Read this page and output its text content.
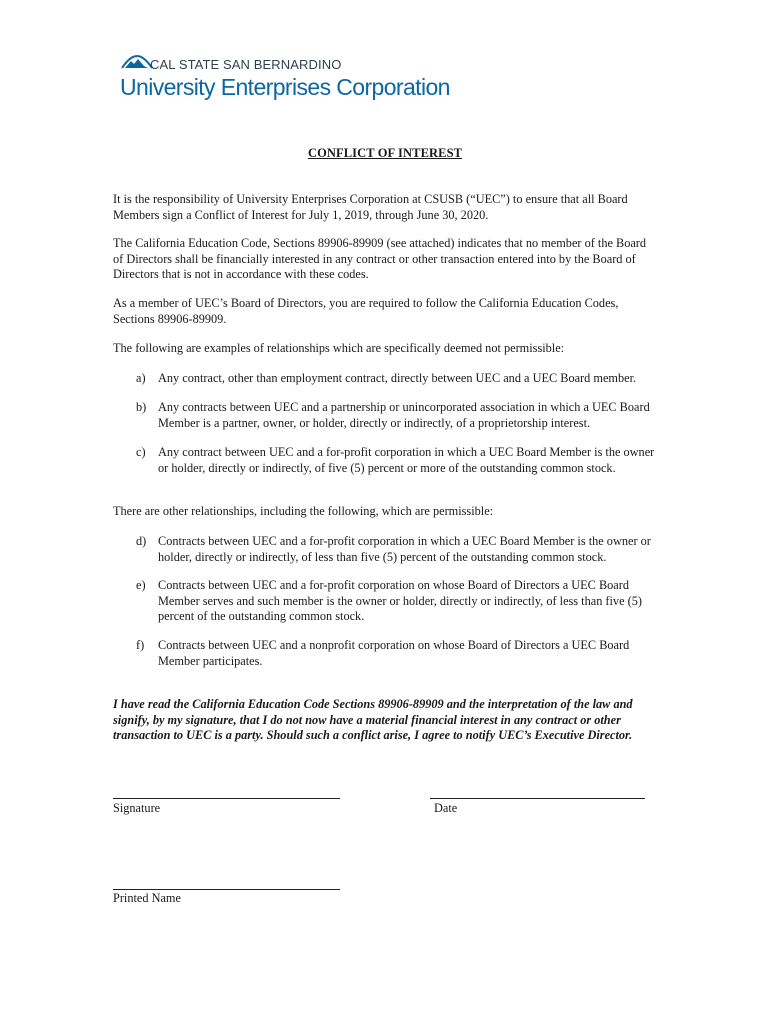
CAL STATE SAN BERNARDINO
University Enterprises Corporation
CONFLICT OF INTEREST

It is the responsibility of University Enterprises Corporation at CSUSB (“UEC”) to ensure that all Board Members sign a Conflict of Interest for July 1, 2019, through June 30, 2020.

The California Education Code, Sections 89906-89909 (see attached) indicates that no member of the Board of Directors shall be financially interested in any contract or other transaction entered into by the Board of Directors that is not in accordance with these codes.

As a member of UEC’s Board of Directors, you are required to follow the California Education Codes, Sections 89906-89909.

The following are examples of relationships which are specifically deemed not permissible:

a)	Any contract, other than employment contract, directly between UEC and a UEC Board member.
b) Any contracts between UEC and a partnership or unincorporated association in which a UEC Board Member is a partner, owner, or holder, directly or indirectly, of a proprietorship interest.
c)	Any contract between UEC and a for-profit corporation in which a UEC Board Member is the owner or holder, directly or indirectly, of five (5) percent or more of the outstanding common stock.

There are other relationships, including the following, which are permissible:

d) Contracts between UEC and a for-profit corporation in which a UEC Board Member is the owner or holder, directly or indirectly, of less than five (5) percent of the outstanding common stock.
e)	Contracts between UEC and a for-profit corporation on whose Board of Directors a UEC Board Member serves and such member is the owner or holder, directly or indirectly, of less than five (5) percent of the outstanding common stock.
f)	Contracts between UEC and a nonprofit corporation on whose Board of Directors a UEC Board Member participates.
I have read the California Education Code Sections 89906-89909 and the interpretation of the law and signify, by my signature, that I do not now have a material financial interest in any contract or other transaction to UEC is a party. Should such a conflict arise, I agree to notify UEC’s Executive Director.
Signature	Date
Printed Name
